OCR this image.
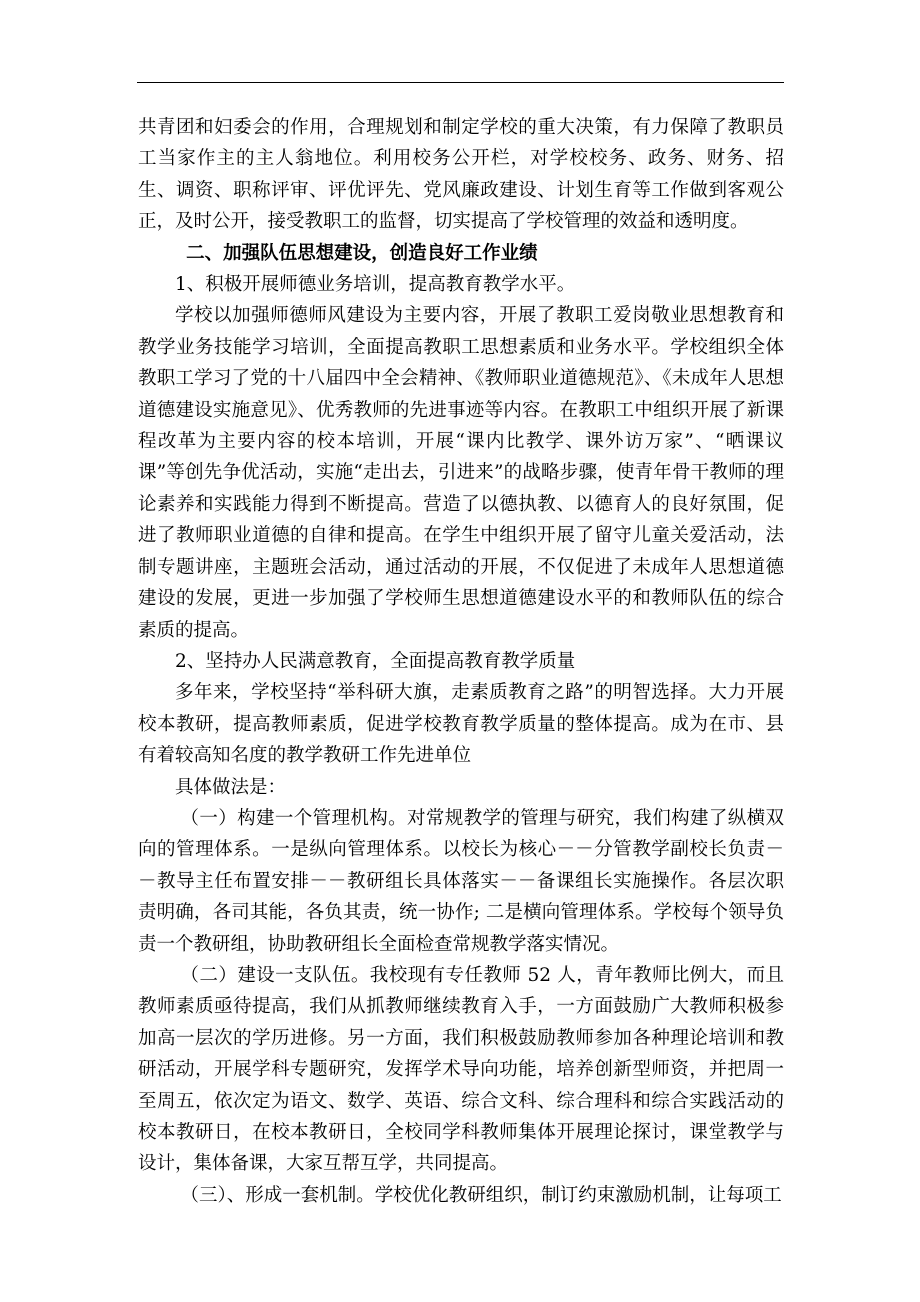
共青团和妇委会的作用，合理规划和制定学校的重大决策，有力保障了教职员工当家作主的主人翁地位。利用校务公开栏，对学校校务、政务、财务、招生、调资、职称评审、评优评先、党风廉政建设、计划生育等工作做到客观公正，及时公开，接受教职工的监督，切实提高了学校管理的效益和透明度。

二、加强队伍思想建设，创造良好工作业绩

1、积极开展师德业务培训，提高教育教学水平。

学校以加强师德师风建设为主要内容，开展了教职工爱岗敬业思想教育和教学业务技能学习培训，全面提高教职工思想素质和业务水平。学校组织全体教职工学习了党的十八届四中全会精神、《教师职业道德规范》、《未成年人思想道德建设实施意见》、优秀教师的先进事迹等内容。在教职工中组织开展了新课程改革为主要内容的校本培训，开展“课内比教学、课外访万家”、“晒课议课”等创先争优活动，实施“走出去，引进来”的战略步骤，使青年骨干教师的理论素养和实践能力得到不断提高。营造了以德执教、以德育人的良好氛围，促进了教师职业道德的自律和提高。在学生中组织开展了留守儿童关爱活动，法制专题讲座，主题班会活动，通过活动的开展，不仅促进了未成年人思想道德建设的发展，更进一步加强了学校师生思想道德建设水平的和教师队伍的综合素质的提高。

2、坚持办人民满意教育，全面提高教育教学质量

多年来，学校坚持“举科研大旗，走素质教育之路”的明智选择。大力开展校本教研，提高教师素质，促进学校教育教学质量的整体提高。成为在市、县有着较高知名度的教学教研工作先进单位

具体做法是：

（一）构建一个管理机构。对常规教学的管理与研究，我们构建了纵横双向的管理体系。一是纵向管理体系。以校长为核心－－分管教学副校长负责－－教导主任布置安排－－教研组长具体落实－－备课组长实施操作。各层次职责明确，各司其能，各负其责，统一协作; 二是横向管理体系。学校每个领导负责一个教研组，协助教研组长全面检查常规教学落实情况。

（二）建设一支队伍。我校现有专任教师 52 人，青年教师比例大，而且教师素质亟待提高，我们从抓教师继续教育入手，一方面鼓励广大教师积极参加高一层次的学历进修。另一方面，我们积极鼓励教师参加各种理论培训和教研活动，开展学科专题研究，发挥学术导向功能，培养创新型师资，并把周一至周五，依次定为语文、数学、英语、综合文科、综合理科和综合实践活动的校本教研日，在校本教研日，全校同学科教师集体开展理论探讨，课堂教学与设计，集体备课，大家互帮互学，共同提高。

（三）、形成一套机制。学校优化教研组织，制订约束激励机制，让每项工
